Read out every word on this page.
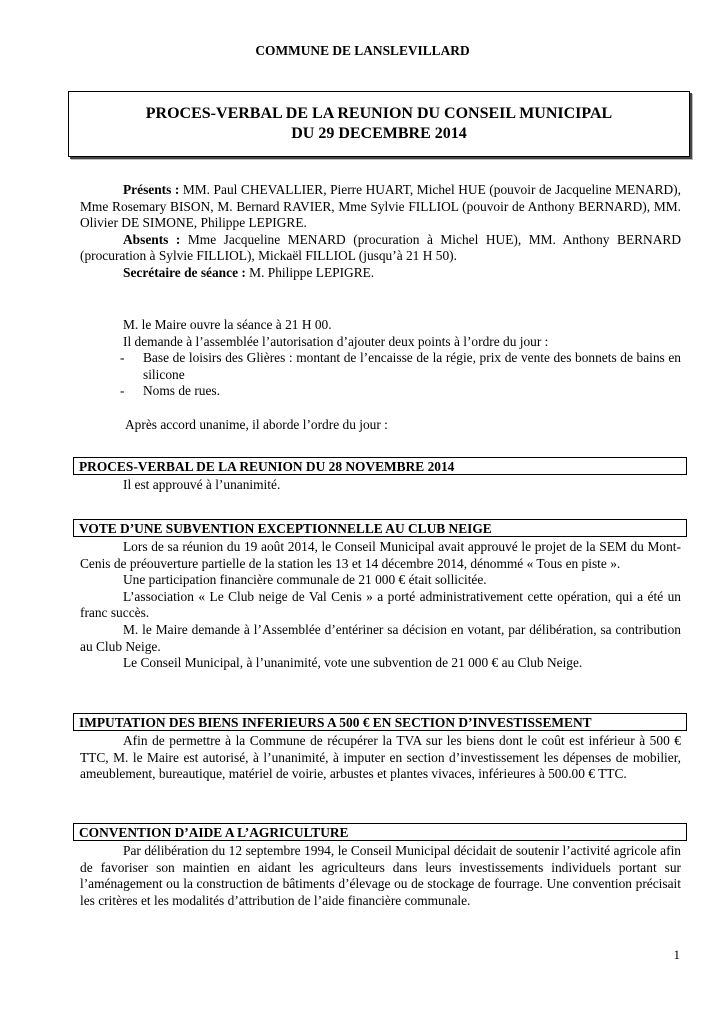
COMMUNE DE LANSLEVILLARD
PROCES-VERBAL DE LA REUNION DU CONSEIL MUNICIPAL
DU 29 DECEMBRE 2014

Présents : MM. Paul CHEVALLIER, Pierre HUART, Michel HUE (pouvoir de Jacqueline MENARD), Mme Rosemary BISON, M. Bernard RAVIER, Mme Sylvie FILLIOL (pouvoir de Anthony BERNARD), MM. Olivier DE SIMONE, Philippe LEPIGRE.

Absents : Mme Jacqueline MENARD (procuration à Michel HUE), MM. Anthony BERNARD (procuration à Sylvie FILLIOL), Mickaël FILLIOL (jusqu’à 21 H 50).

Secrétaire de séance : M. Philippe LEPIGRE.

M. le Maire ouvre la séance à 21 H 00.

Il demande à l’assemblée l’autorisation d’ajouter deux points à l’ordre du jour :

- Base de loisirs des Glières : montant de l’encaisse de la régie, prix de vente des bonnets de bains en silicone

- Noms de rues.

Après accord unanime, il aborde l’ordre du jour :

PROCES-VERBAL DE LA REUNION DU 28 NOVEMBRE 2014

Il est approuvé à l’unanimité.

VOTE D’UNE SUBVENTION EXCEPTIONNELLE AU CLUB NEIGE

Lors de sa réunion du 19 août 2014, le Conseil Municipal avait approuvé le projet de la SEM du Mont-Cenis de préouverture partielle de la station les 13 et 14 décembre 2014, dénommé « Tous en piste ».

Une participation financière communale de 21 000 € était sollicitée.

L’association « Le Club neige de Val Cenis » a porté administrativement cette opération, qui a été un franc succès.

M. le Maire demande à l’Assemblée d’entériner sa décision en votant, par délibération, sa contribution au Club Neige.

Le Conseil Municipal, à l’unanimité, vote une subvention de 21 000 € au Club Neige.

IMPUTATION DES BIENS INFERIEURS A 500 € EN SECTION D’INVESTISSEMENT

Afin de permettre à la Commune de récupérer la TVA sur les biens dont le coût est inférieur à 500 € TTC, M. le Maire est autorisé, à l’unanimité, à imputer en section d’investissement les dépenses de mobilier, ameublement, bureautique, matériel de voirie, arbustes et plantes vivaces, inférieures à 500.00 € TTC.

CONVENTION D’AIDE A L’AGRICULTURE

Par délibération du 12 septembre 1994, le Conseil Municipal décidait de soutenir l’activité agricole afin de favoriser son maintien en aidant les agriculteurs dans leurs investissements individuels portant sur l’aménagement ou la construction de bâtiments d’élevage ou de stockage de fourrage. Une convention précisait les critères et les modalités d’attribution de l’aide financière communale.

1
